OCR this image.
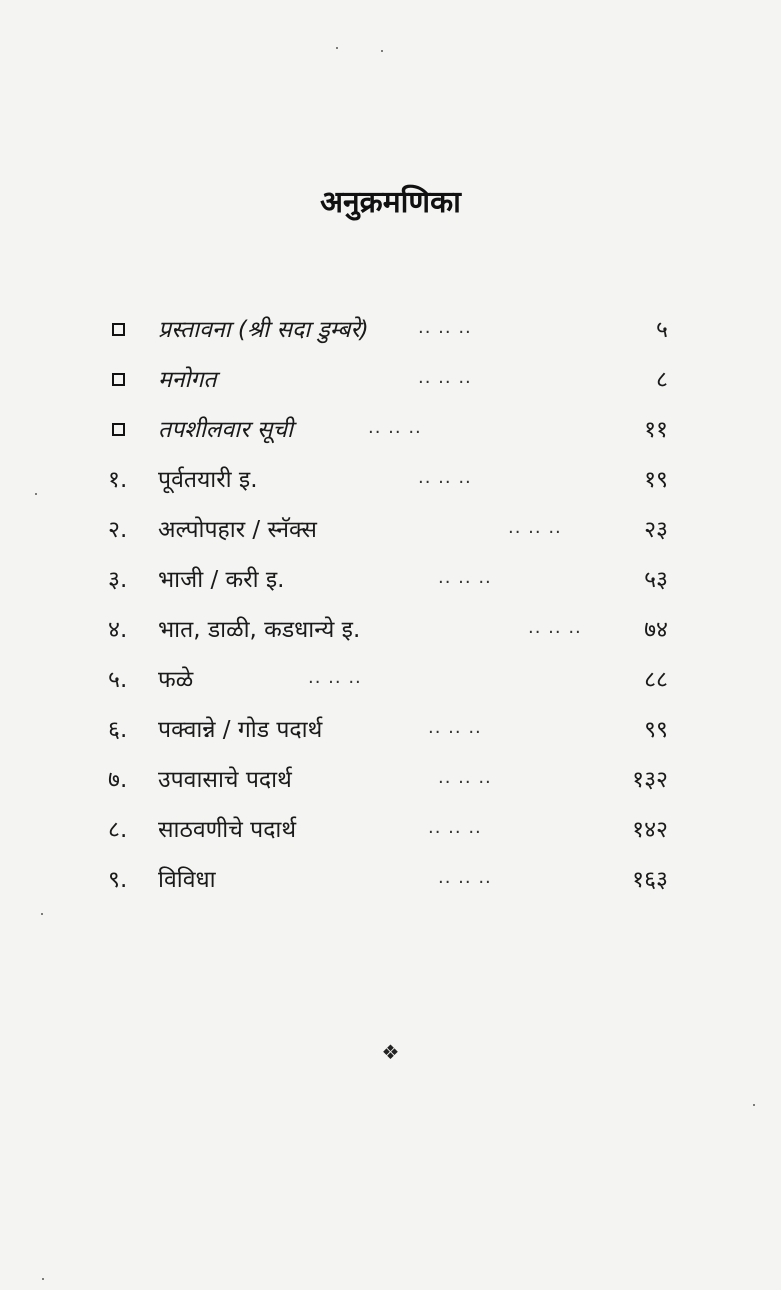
अनुक्रमणिका
प्रस्तावना (श्री सदा डुम्बरे)	.. .. ..	५
मनोगत	.. .. ..	८
तपशीलवार सूची	.. .. ..	११
१. पूर्वतयारी इ.	.. .. ..	१९
२. अल्पोपहार / स्नॅक्स	.. .. ..	२३
३. भाजी / करी इ.	.. .. ..	५३
४. भात, डाळी, कडधान्ये इ.	.. .. ..	७४
५. फळे	.. .. ..	८८
६. पक्वान्ने / गोड पदार्थ	.. .. ..	९९
७. उपवासाचे पदार्थ	.. .. ..	१३२
८. साठवणीचे पदार्थ	.. .. ..	१४२
९. विविधा	.. .. ..	१६३
❖
